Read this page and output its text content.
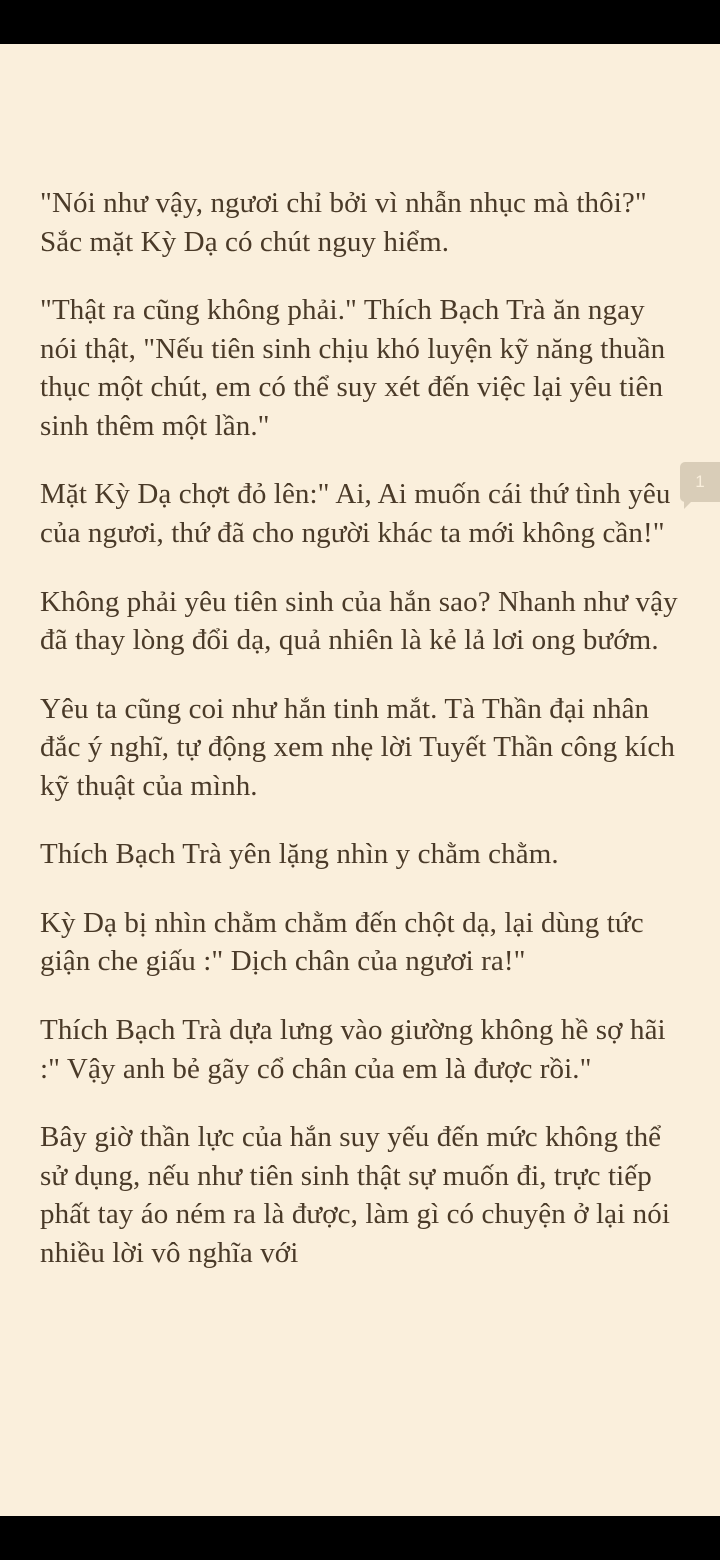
"Nói như vậy, ngươi chỉ bởi vì nhẫn nhục mà thôi?" Sắc mặt Kỳ Dạ có chút nguy hiểm.

"Thật ra cũng không phải." Thích Bạch Trà ăn ngay nói thật, "Nếu tiên sinh chịu khó luyện kỹ năng thuần thục một chút, em có thể suy xét đến việc lại yêu tiên sinh thêm một lần."

Mặt Kỳ Dạ chợt đỏ lên:" Ai, Ai muốn cái thứ tình yêu của ngươi, thứ đã cho người khác ta mới không cần!"

Không phải yêu tiên sinh của hắn sao? Nhanh như vậy đã thay lòng đổi dạ, quả nhiên là kẻ lả lơi ong bướm.

Yêu ta cũng coi như hắn tinh mắt. Tà Thần đại nhân đắc ý nghĩ, tự động xem nhẹ lời Tuyết Thần công kích kỹ thuật của mình.

Thích Bạch Trà yên lặng nhìn y chằm chằm.

Kỳ Dạ bị nhìn chằm chằm đến chột dạ, lại dùng tức giận che giấu :" Dịch chân của ngươi ra!"

Thích Bạch Trà dựa lưng vào giường không hề sợ hãi :" Vậy anh bẻ gãy cổ chân của em là được rồi."

Bây giờ thần lực của hắn suy yếu đến mức không thể sử dụng, nếu như tiên sinh thật sự muốn đi, trực tiếp phất tay áo ném ra là được, làm gì có chuyện ở lại nói nhiều lời vô nghĩa với

1
